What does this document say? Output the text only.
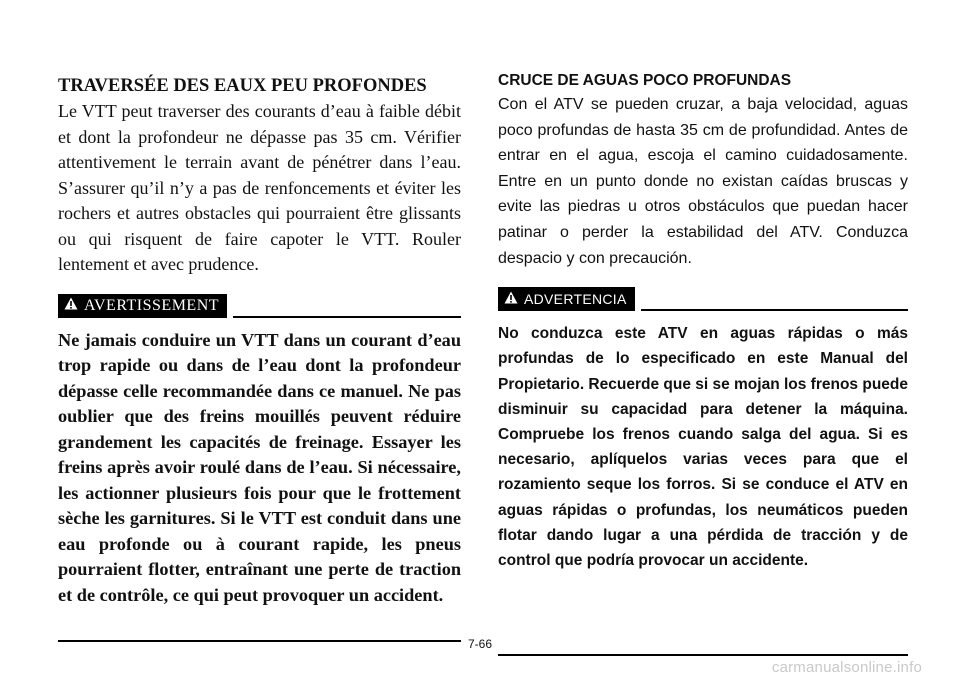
TRAVERSÉE DES EAUX PEU PROFONDES

Le VTT peut traverser des courants d’eau à faible débit et dont la profondeur ne dépasse pas 35 cm. Vérifier attentivement le terrain avant de pénétrer dans l’eau. S’assurer qu’il n’y a pas de renfoncements et éviter les rochers et autres obstacles qui pourraient être glissants ou qui risquent de faire capoter le VTT. Rouler lentement et avec prudence.

AVERTISSEMENT

Ne jamais conduire un VTT dans un courant d’eau trop rapide ou dans de l’eau dont la profondeur dépasse celle recommandée dans ce manuel. Ne pas oublier que des freins mouillés peuvent réduire grandement les capacités de freinage. Essayer les freins après avoir roulé dans de l’eau. Si nécessaire, les actionner plusieurs fois pour que le frottement sèche les garnitures. Si le VTT est conduit dans une eau profonde ou à courant rapide, les pneus pourraient flotter, entraînant une perte de traction et de contrôle, ce qui peut provoquer un accident.

CRUCE DE AGUAS POCO PROFUNDAS

Con el ATV se pueden cruzar, a baja velocidad, aguas poco profundas de hasta 35 cm de profundidad. Antes de entrar en el agua, escoja el camino cuidadosamente. Entre en un punto donde no existan caídas bruscas y evite las piedras u otros obstáculos que puedan hacer patinar o perder la estabilidad del ATV. Conduzca despacio y con precaución.

ADVERTENCIA

No conduzca este ATV en aguas rápidas o más profundas de lo especificado en este Manual del Propietario. Recuerde que si se mojan los frenos puede disminuir su capacidad para detener la máquina. Compruebe los frenos cuando salga del agua. Si es necesario, aplíquelos varias veces para que el rozamiento seque los forros. Si se conduce el ATV en aguas rápidas o profundas, los neumáticos pueden flotar dando lugar a una pérdida de tracción y de control que podría provocar un accidente.

7-66
carmanualsonline.info
